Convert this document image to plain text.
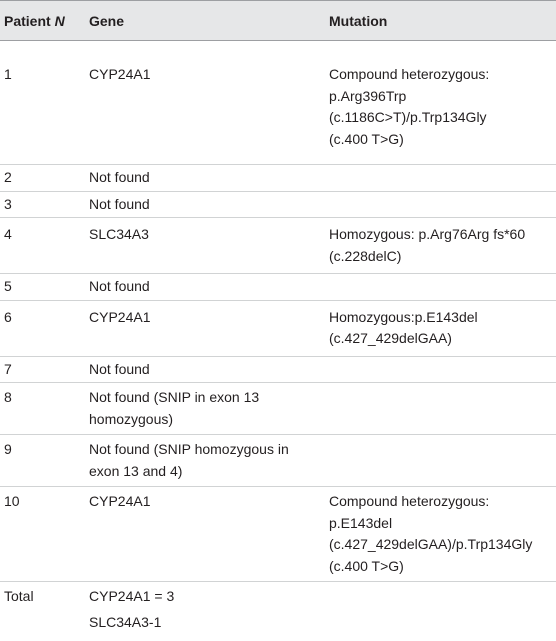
Patient N	Gene	Mutation

1	CYP24A1	Compound heterozygous:
p.Arg396Trp
(c.1186C>T)/p.Trp134Gly
(c.400 T>G)

2	Not found	

3	Not found	

4	SLC34A3	Homozygous: p.Arg76Arg fs*60
(c.228delC)

5	Not found	

6	CYP24A1	Homozygous:p.E143del
(c.427_429delGAA)

7	Not found	

8	Not found (SNIP in exon 13
homozygous)	

9	Not found (SNIP homozygous in
exon 13 and 4)	

10	CYP24A1	Compound heterozygous:
p.E143del
(c.427_429delGAA)/p.Trp134Gly
(c.400 T>G)

Total	CYP24A1 = 3	

	SLC34A3-1	
